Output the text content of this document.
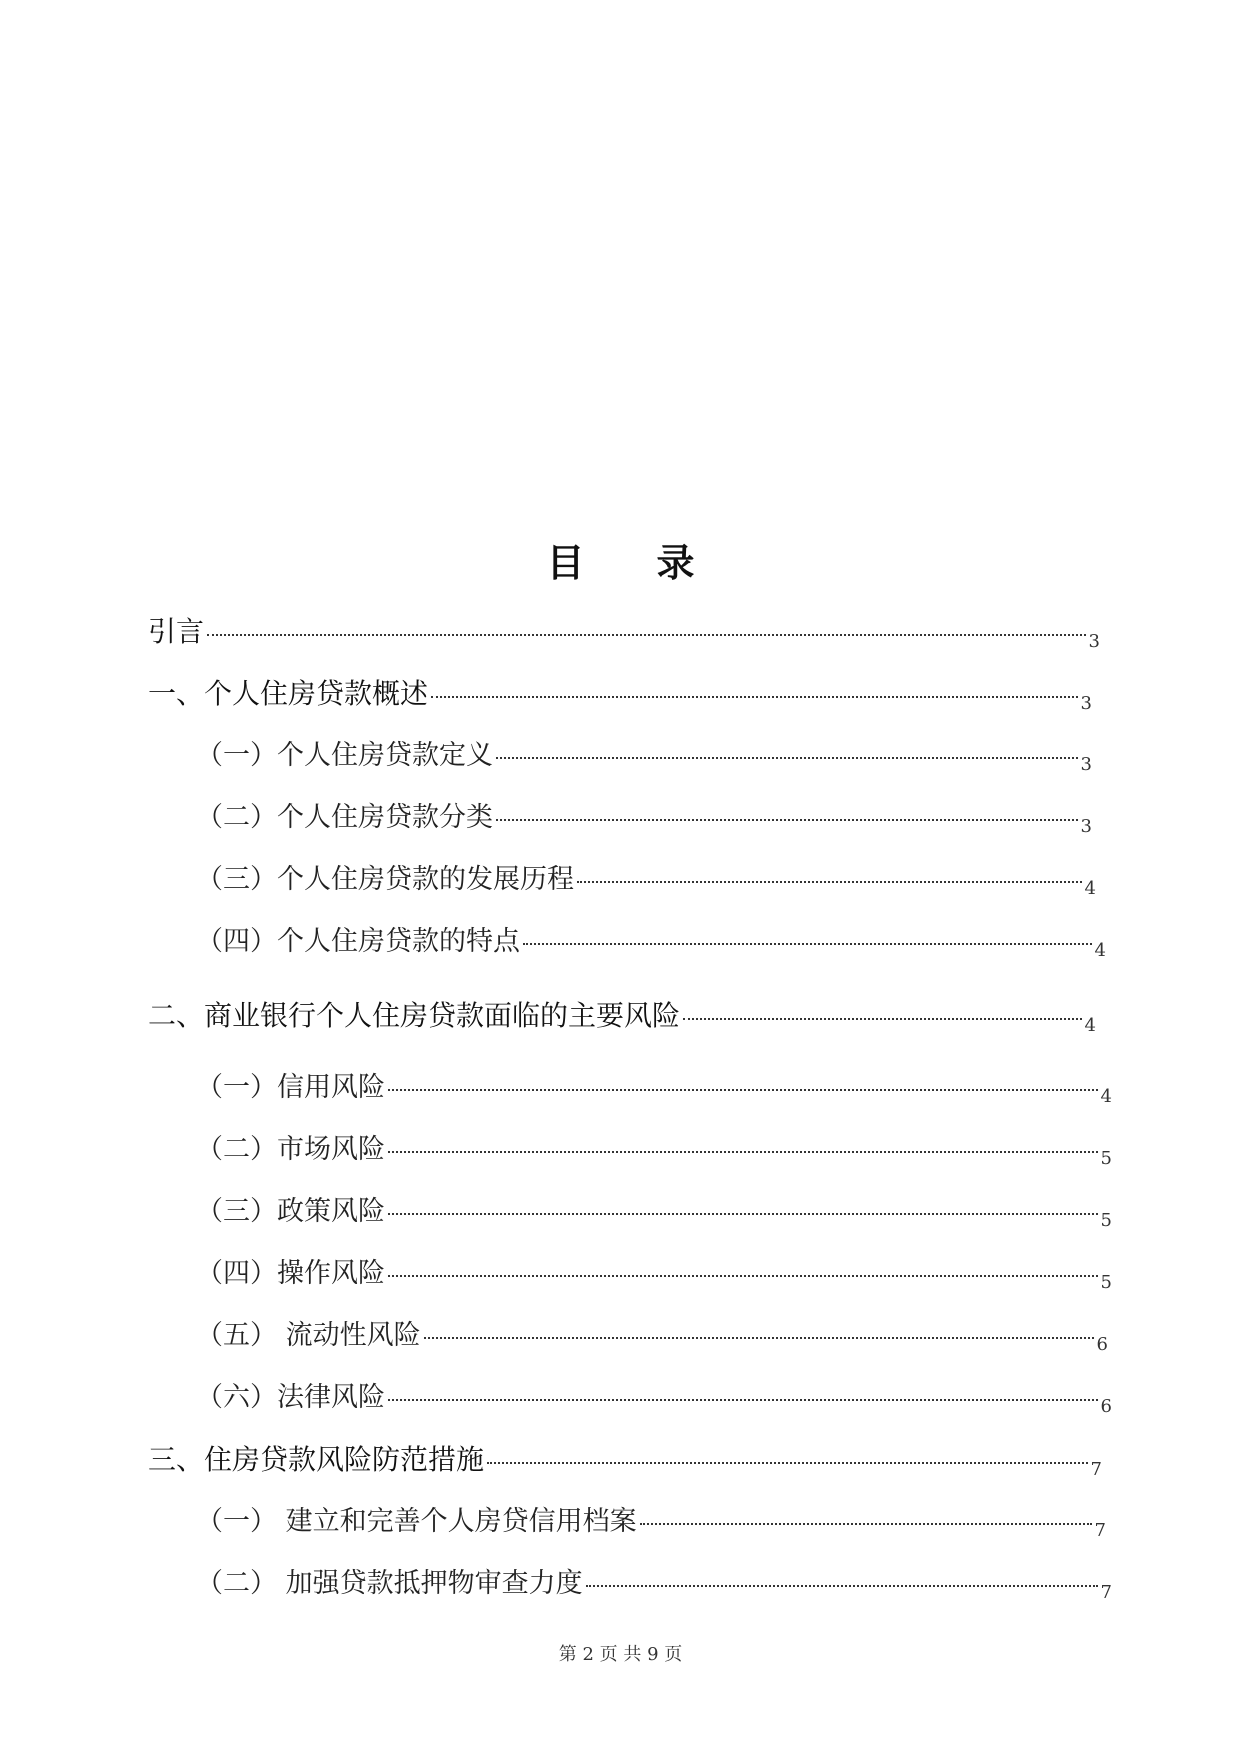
目 录
引言	3
一、个人住房贷款概述	3
（一）个人住房贷款定义	3
（二）个人住房贷款分类	3
（三）个人住房贷款的发展历程	4
（四）个人住房贷款的特点	4
二、商业银行个人住房贷款面临的主要风险	4
（一）信用风险	4
（二）市场风险	5
（三）政策风险	5
（四）操作风险	5
（五） 流动性风险	6
（六）法律风险	6
三、住房贷款风险防范措施	7
（一） 建立和完善个人房贷信用档案	7
（二） 加强贷款抵押物审查力度	7
第 2 页 共 9 页
